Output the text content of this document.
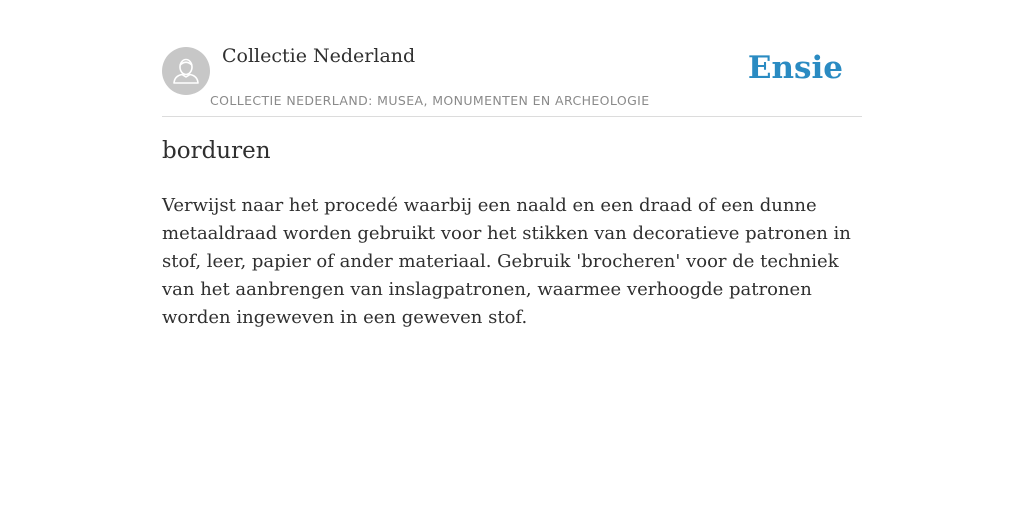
Collectie Nederland
COLLECTIE NEDERLAND: MUSEA, MONUMENTEN EN ARCHEOLOGIE
Ensie
borduren

Verwijst naar het procedé waarbij een naald en een draad of een dunne metaaldraad worden gebruikt voor het stikken van decoratieve patronen in stof, leer, papier of ander materiaal. Gebruik 'brocheren' voor de techniek van het aanbrengen van inslagpatronen, waarmee verhoogde patronen worden ingeweven in een geweven stof.
